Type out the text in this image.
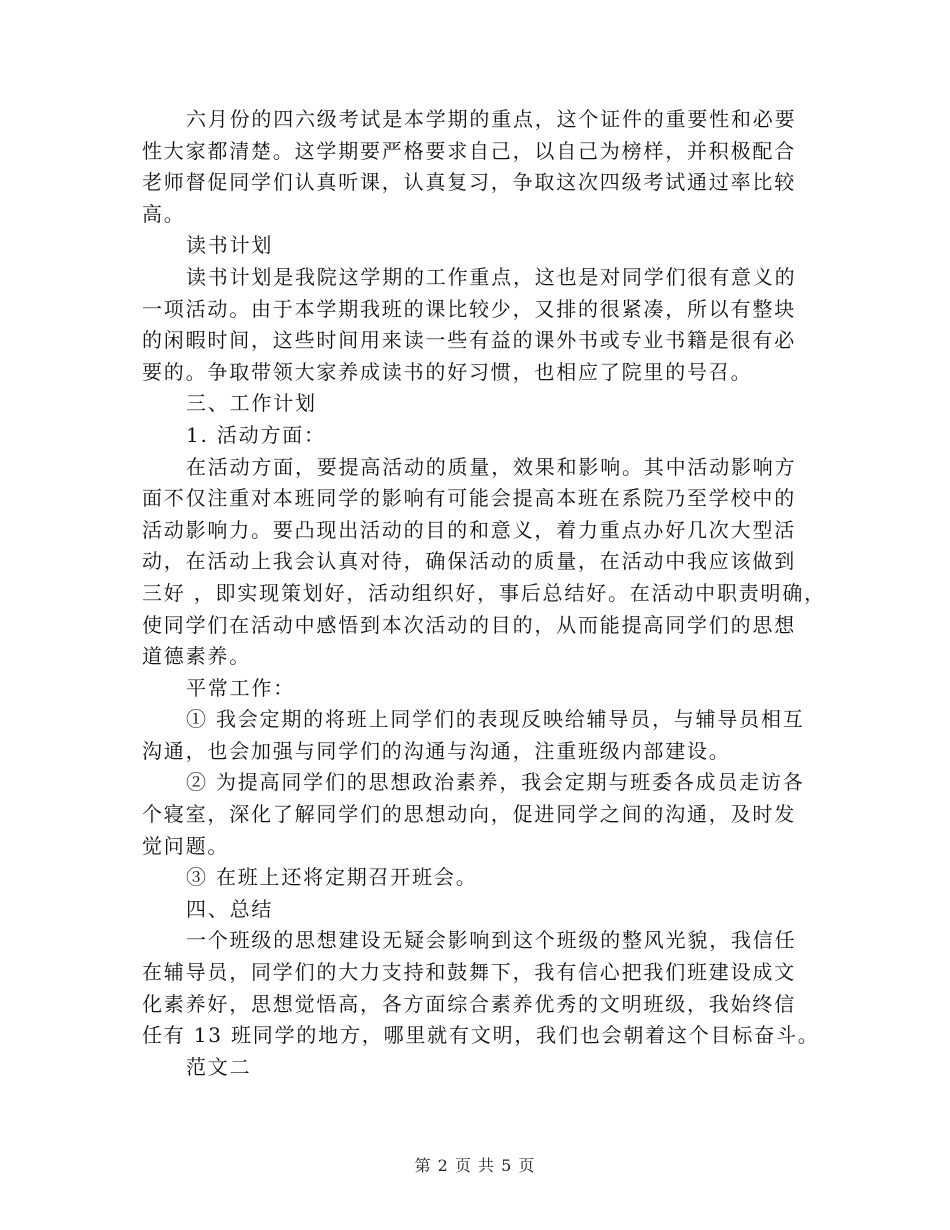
六月份的四六级考试是本学期的重点，这个证件的重要性和必要
性大家都清楚。这学期要严格要求自己，以自己为榜样，并积极配合
老师督促同学们认真听课，认真复习，争取这次四级考试通过率比较
高。
读书计划
读书计划是我院这学期的工作重点，这也是对同学们很有意义的
一项活动。由于本学期我班的课比较少，又排的很紧凑，所以有整块
的闲暇时间，这些时间用来读一些有益的课外书或专业书籍是很有必
要的。争取带领大家养成读书的好习惯，也相应了院里的号召。
三、工作计划
1. 活动方面：
在活动方面，要提高活动的质量，效果和影响。其中活动影响方
面不仅注重对本班同学的影响有可能会提高本班在系院乃至学校中的
活动影响力。要凸现出活动的目的和意义，着力重点办好几次大型活
动，在活动上我会认真对待，确保活动的质量，在活动中我应该做到
三好 ，即实现策划好，活动组织好，事后总结好。在活动中职责明确，
使同学们在活动中感悟到本次活动的目的，从而能提高同学们的思想
道德素养。
平常工作：
① 我会定期的将班上同学们的表现反映给辅导员，与辅导员相互
沟通，也会加强与同学们的沟通与沟通，注重班级内部建设。
② 为提高同学们的思想政治素养，我会定期与班委各成员走访各
个寝室，深化了解同学们的思想动向，促进同学之间的沟通，及时发
觉问题。
③ 在班上还将定期召开班会。
四、总结
一个班级的思想建设无疑会影响到这个班级的整风光貌，我信任
在辅导员，同学们的大力支持和鼓舞下，我有信心把我们班建设成文
化素养好，思想觉悟高，各方面综合素养优秀的文明班级，我始终信
任有 13 班同学的地方，哪里就有文明，我们也会朝着这个目标奋斗。
范文二
第 2 页 共 5 页
